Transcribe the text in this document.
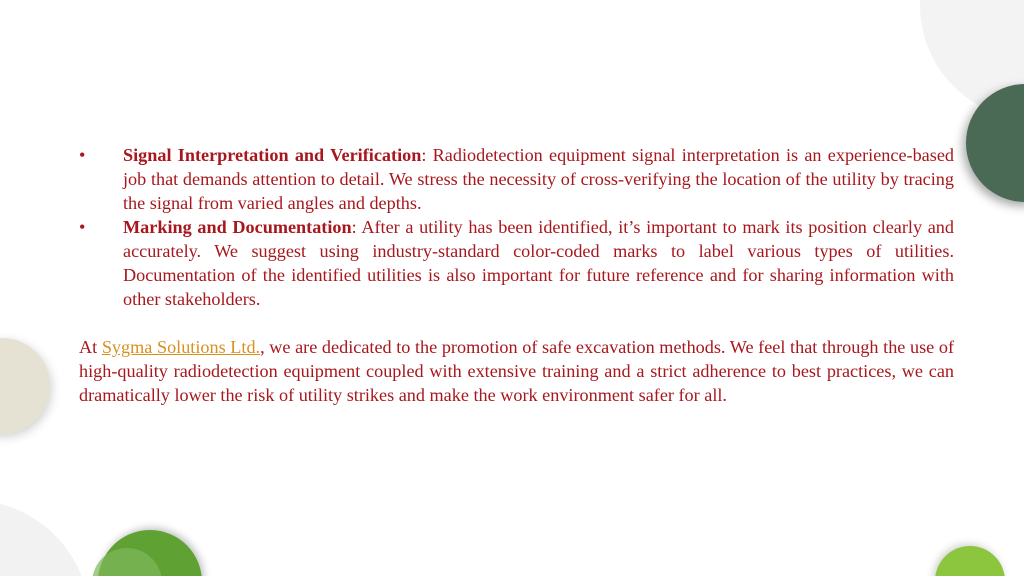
• Signal Interpretation and Verification: Radiodetection equipment signal interpretation is an experience-based job that demands attention to detail. We stress the necessity of cross-verifying the location of the utility by tracing the signal from varied angles and depths.
• Marking and Documentation: After a utility has been identified, it’s important to mark its position clearly and accurately. We suggest using industry-standard color-coded marks to label various types of utilities. Documentation of the identified utilities is also important for future reference and for sharing information with other stakeholders.

At Sygma Solutions Ltd., we are dedicated to the promotion of safe excavation methods. We feel that through the use of high-quality radiodetection equipment coupled with extensive training and a strict adherence to best practices, we can dramatically lower the risk of utility strikes and make the work environment safer for all.
